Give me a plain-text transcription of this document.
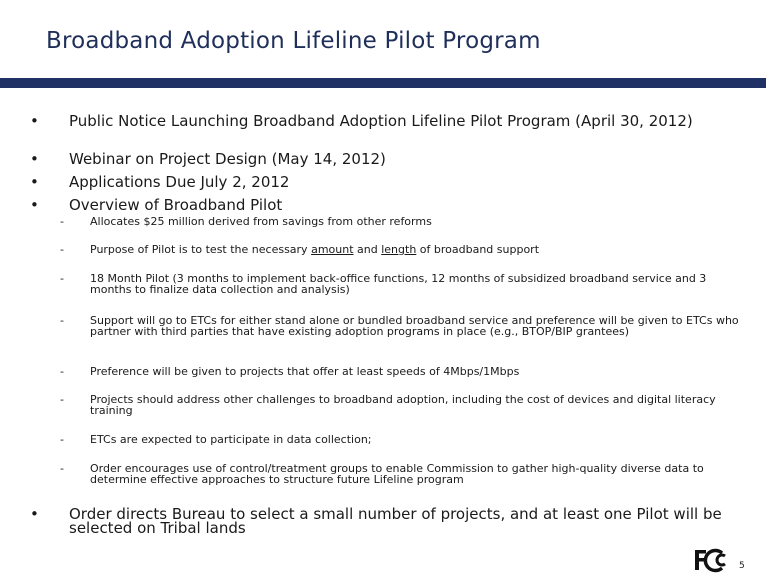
Broadband Adoption Lifeline Pilot Program
• Public Notice Launching Broadband Adoption Lifeline Pilot Program (April 30, 2012)
• Webinar on Project Design (May 14, 2012)
• Applications Due July 2, 2012
• Overview of Broadband Pilot
- Allocates $25 million derived from savings from other reforms
- Purpose of Pilot is to test the necessary amount and length of broadband support
- 18 Month Pilot (3 months to implement back-office functions, 12 months of subsidized broadband service and 3 months to finalize data collection and analysis)
- Support will go to ETCs for either stand alone or bundled broadband service and preference will be given to ETCs who partner with third parties that have existing adoption programs in place (e.g., BTOP/BIP grantees)
- Preference will be given to projects that offer at least speeds of 4Mbps/1Mbps
- Projects should address other challenges to broadband adoption, including the cost of devices and digital literacy training
- ETCs are expected to participate in data collection;
- Order encourages use of control/treatment groups to enable Commission to gather high-quality diverse data to determine effective approaches to structure future Lifeline program
• Order directs Bureau to select a small number of projects, and at least one Pilot will be selected on Tribal lands
5
